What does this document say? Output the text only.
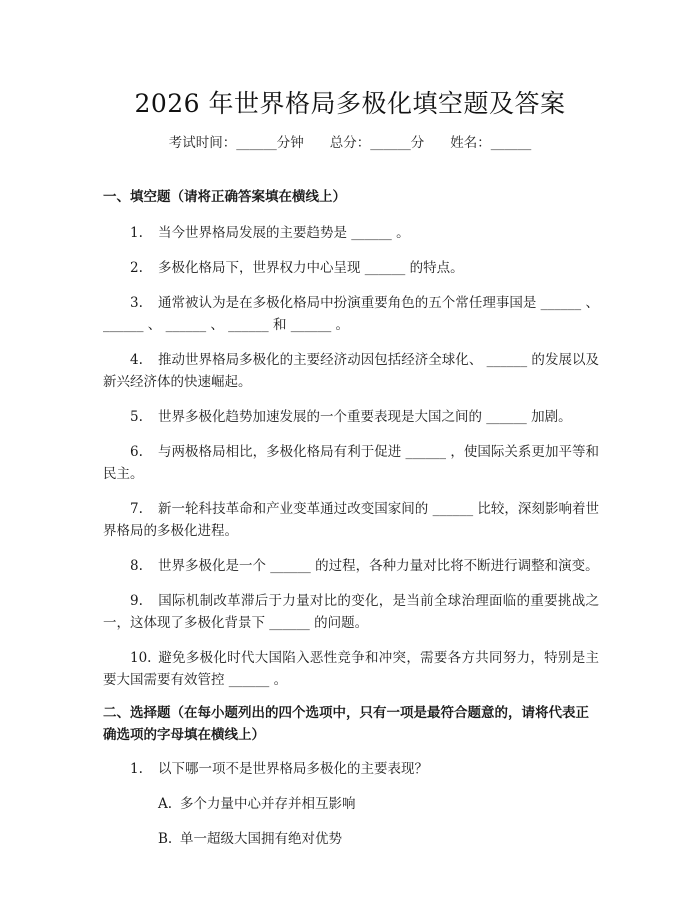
2026 年世界格局多极化填空题及答案
考试时间：______分钟 总分：______分 姓名：______
一、填空题（请将正确答案填在横线上）
1. 当今世界格局发展的主要趋势是 ______ 。
2. 多极化格局下，世界权力中心呈现 ______ 的特点。
3. 通常被认为是在多极化格局中扮演重要角色的五个常任理事国是 ______ 、 ______ 、 ______ 、 ______ 和 ______ 。
4. 推动世界格局多极化的主要经济动因包括经济全球化、 ______ 的发展以及新兴经济体的快速崛起。
5. 世界多极化趋势加速发展的一个重要表现是大国之间的 ______ 加剧。
6. 与两极格局相比，多极化格局有利于促进 ______ ，使国际关系更加平等和民主。
7. 新一轮科技革命和产业变革通过改变国家间的 ______ 比较，深刻影响着世界格局的多极化进程。
8. 世界多极化是一个 ______ 的过程，各种力量对比将不断进行调整和演变。
9. 国际机制改革滞后于力量对比的变化，是当前全球治理面临的重要挑战之一，这体现了多极化背景下 ______ 的问题。
10. 避免多极化时代大国陷入恶性竞争和冲突，需要各方共同努力，特别是主要大国需要有效管控 ______ 。
二、选择题（在每小题列出的四个选项中，只有一项是最符合题意的，请将代表正确选项的字母填在横线上）
1. 以下哪一项不是世界格局多极化的主要表现？
A. 多个力量中心并存并相互影响
B. 单一超级大国拥有绝对优势
